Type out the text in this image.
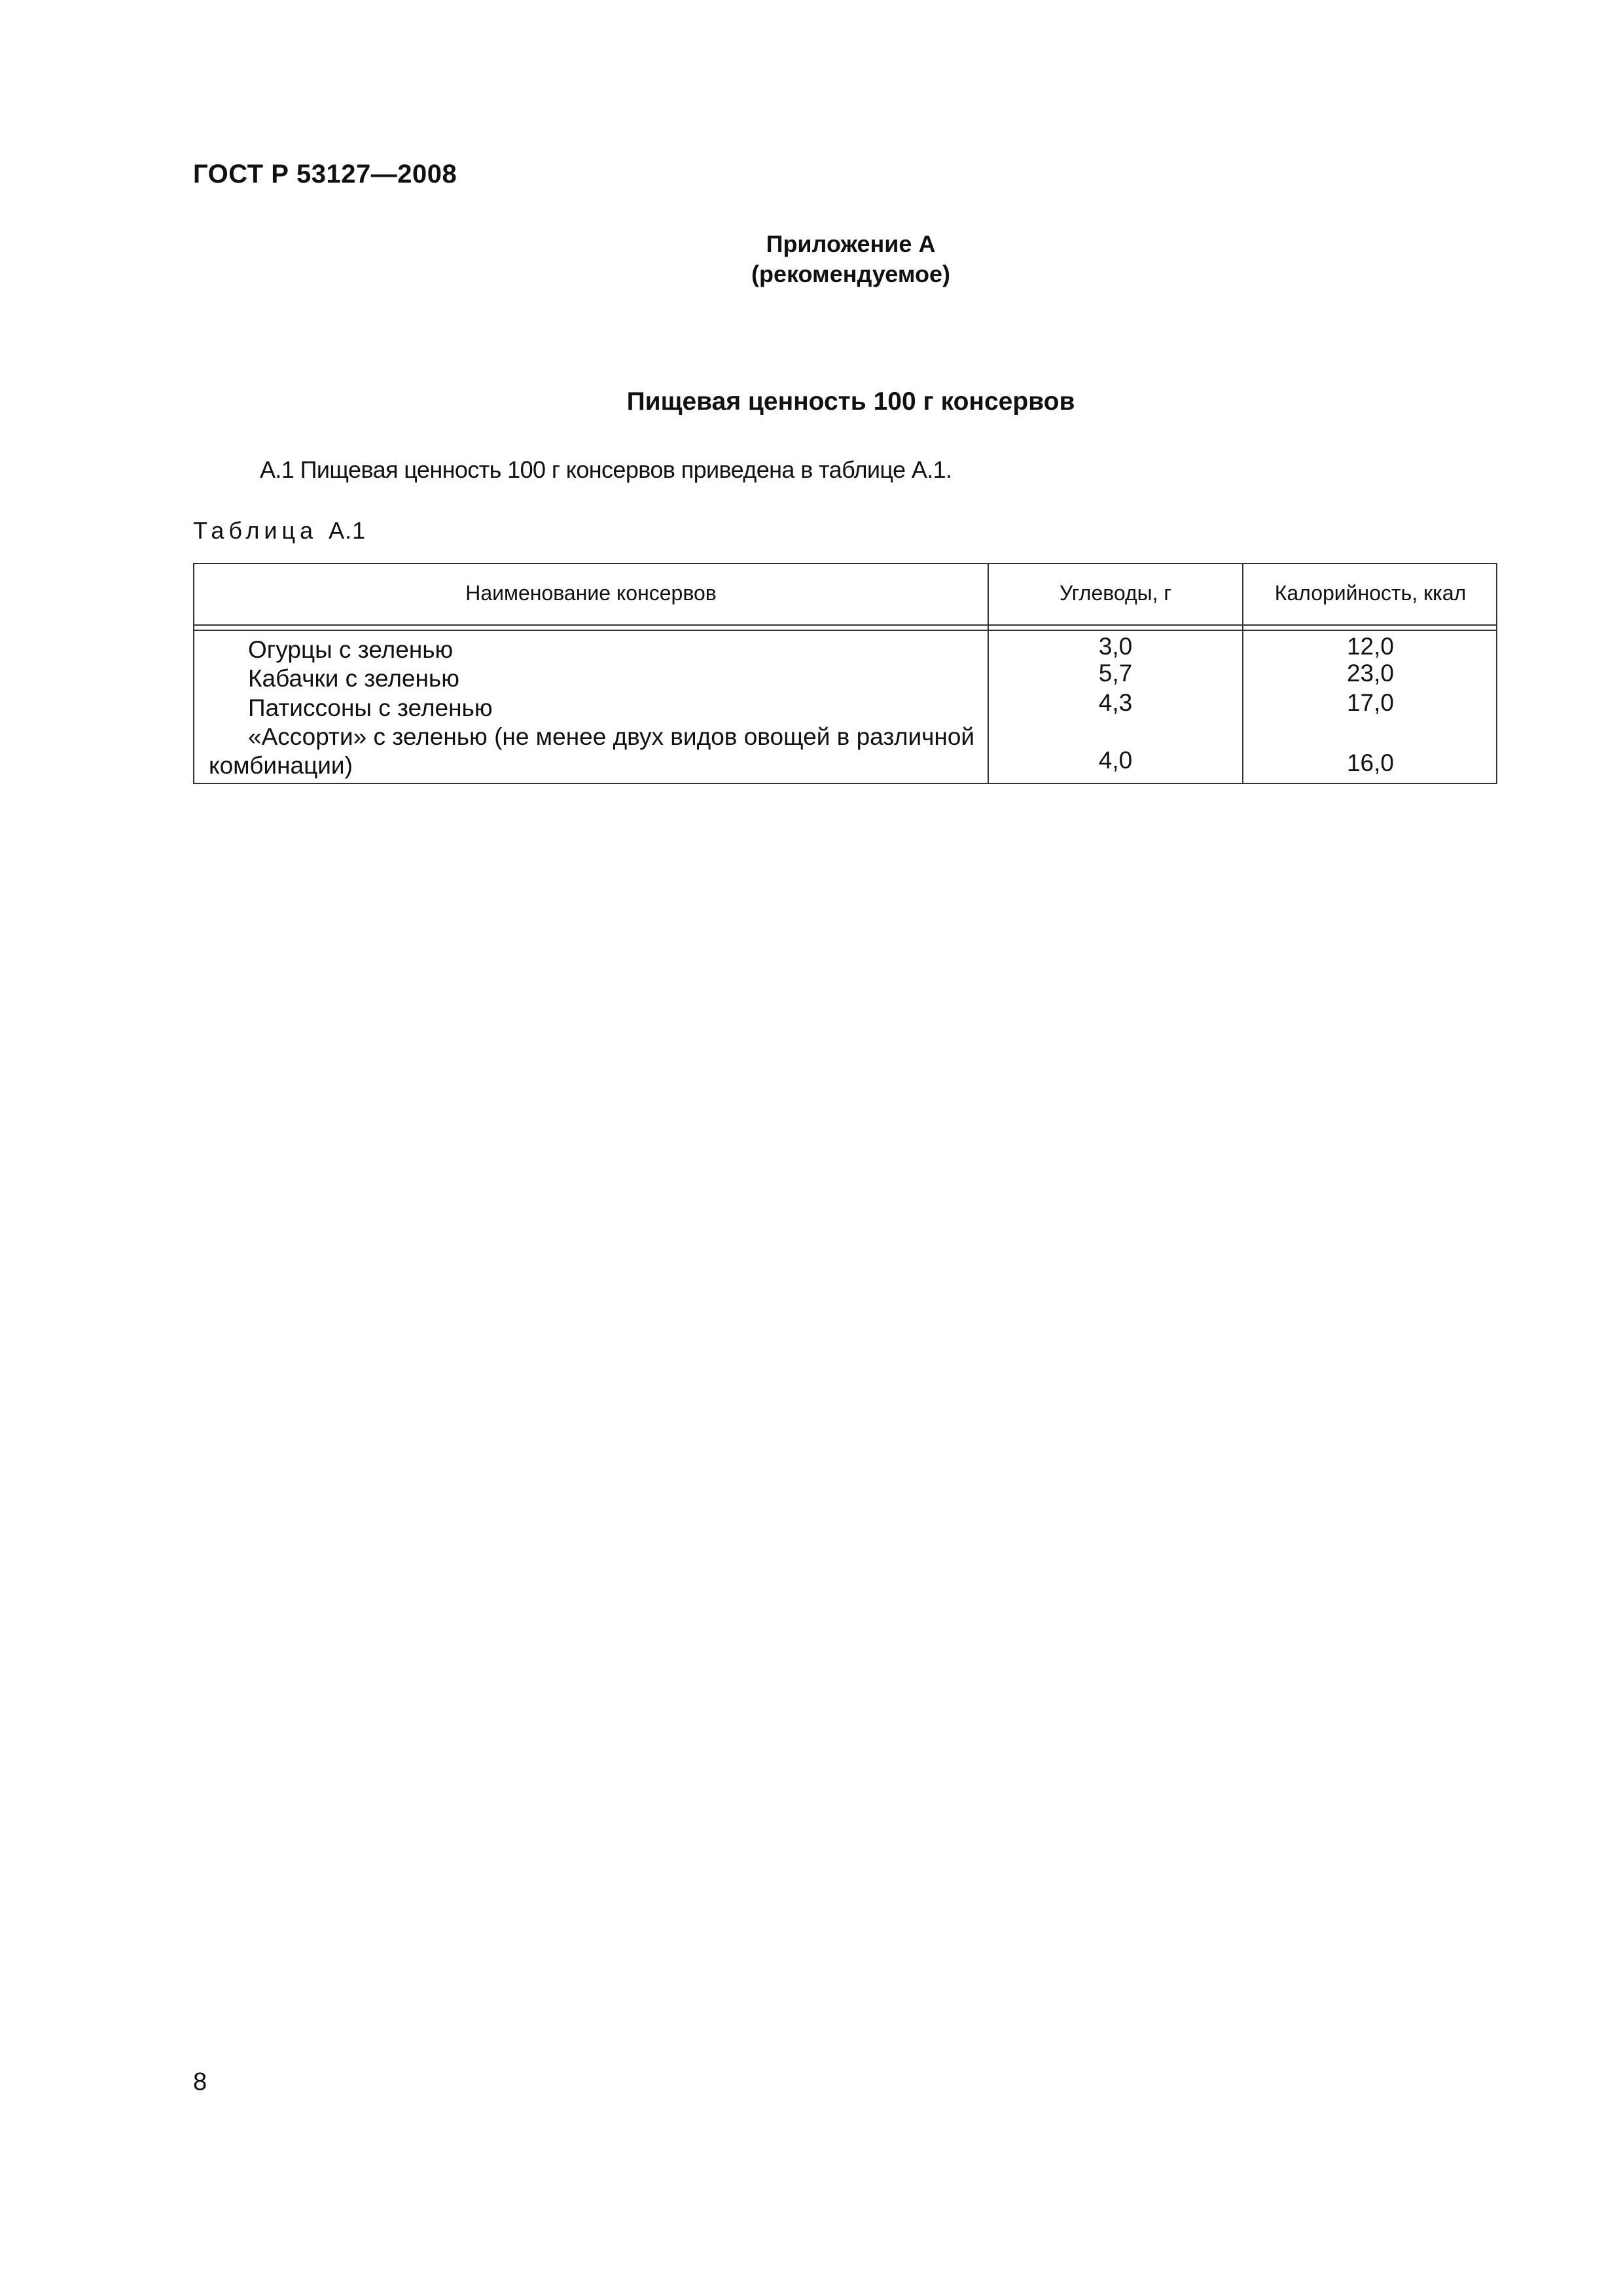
ГОСТ Р 53127—2008
Приложение А
(рекомендуемое)
Пищевая ценность 100 г консервов
А.1 Пищевая ценность 100 г консервов приведена в таблице А.1.
Таблица А.1
Наименование консервов	Углеводы, г	Калорийность, ккал
Огурцы с зеленью	3,0	12,0
Кабачки с зеленью	5,7	23,0
Патиссоны с зеленью	4,3	17,0
«Ассорти» с зеленью (не менее двух видов овощей в различной
комбинации)	4,0	16,0
8
